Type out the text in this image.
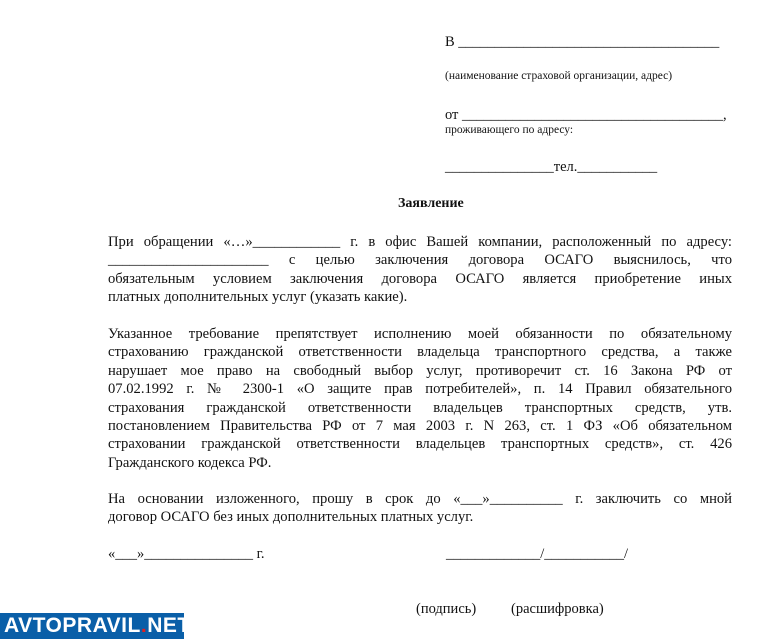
В ____________________________________
(наименование страховой организации, адрес)
от ____________________________________,
проживающего по адресу:
_______________тел.___________
Заявление
При обращении «…»____________ г. в офис Вашей компании, расположенный по адресу:
______________________ с целью заключения договора ОСАГО выяснилось, что
обязательным условием заключения договора ОСАГО является приобретение иных
платных дополнительных услуг (указать какие).
Указанное требование препятствует исполнению моей обязанности по обязательному
страхованию гражданской ответственности владельца транспортного средства, а также
нарушает мое право на свободный выбор услуг, противоречит ст. 16 Закона РФ от
07.02.1992 г. № 2300-1 «О защите прав потребителей», п. 14 Правил обязательного
страхования гражданской ответственности владельцев транспортных средств, утв.
постановлением Правительства РФ от 7 мая 2003 г. N 263, ст. 1 ФЗ «Об обязательном
страховании гражданской ответственности владельцев транспортных средств», ст. 426
Гражданского кодекса РФ.
На основании изложенного, прошу в срок до «___»__________ г. заключить со мной
договор ОСАГО без иных дополнительных платных услуг.
«___»_______________ г.	_____________/___________/
(подпись) (расшифровка)
AVTOPRAVIL.NET
